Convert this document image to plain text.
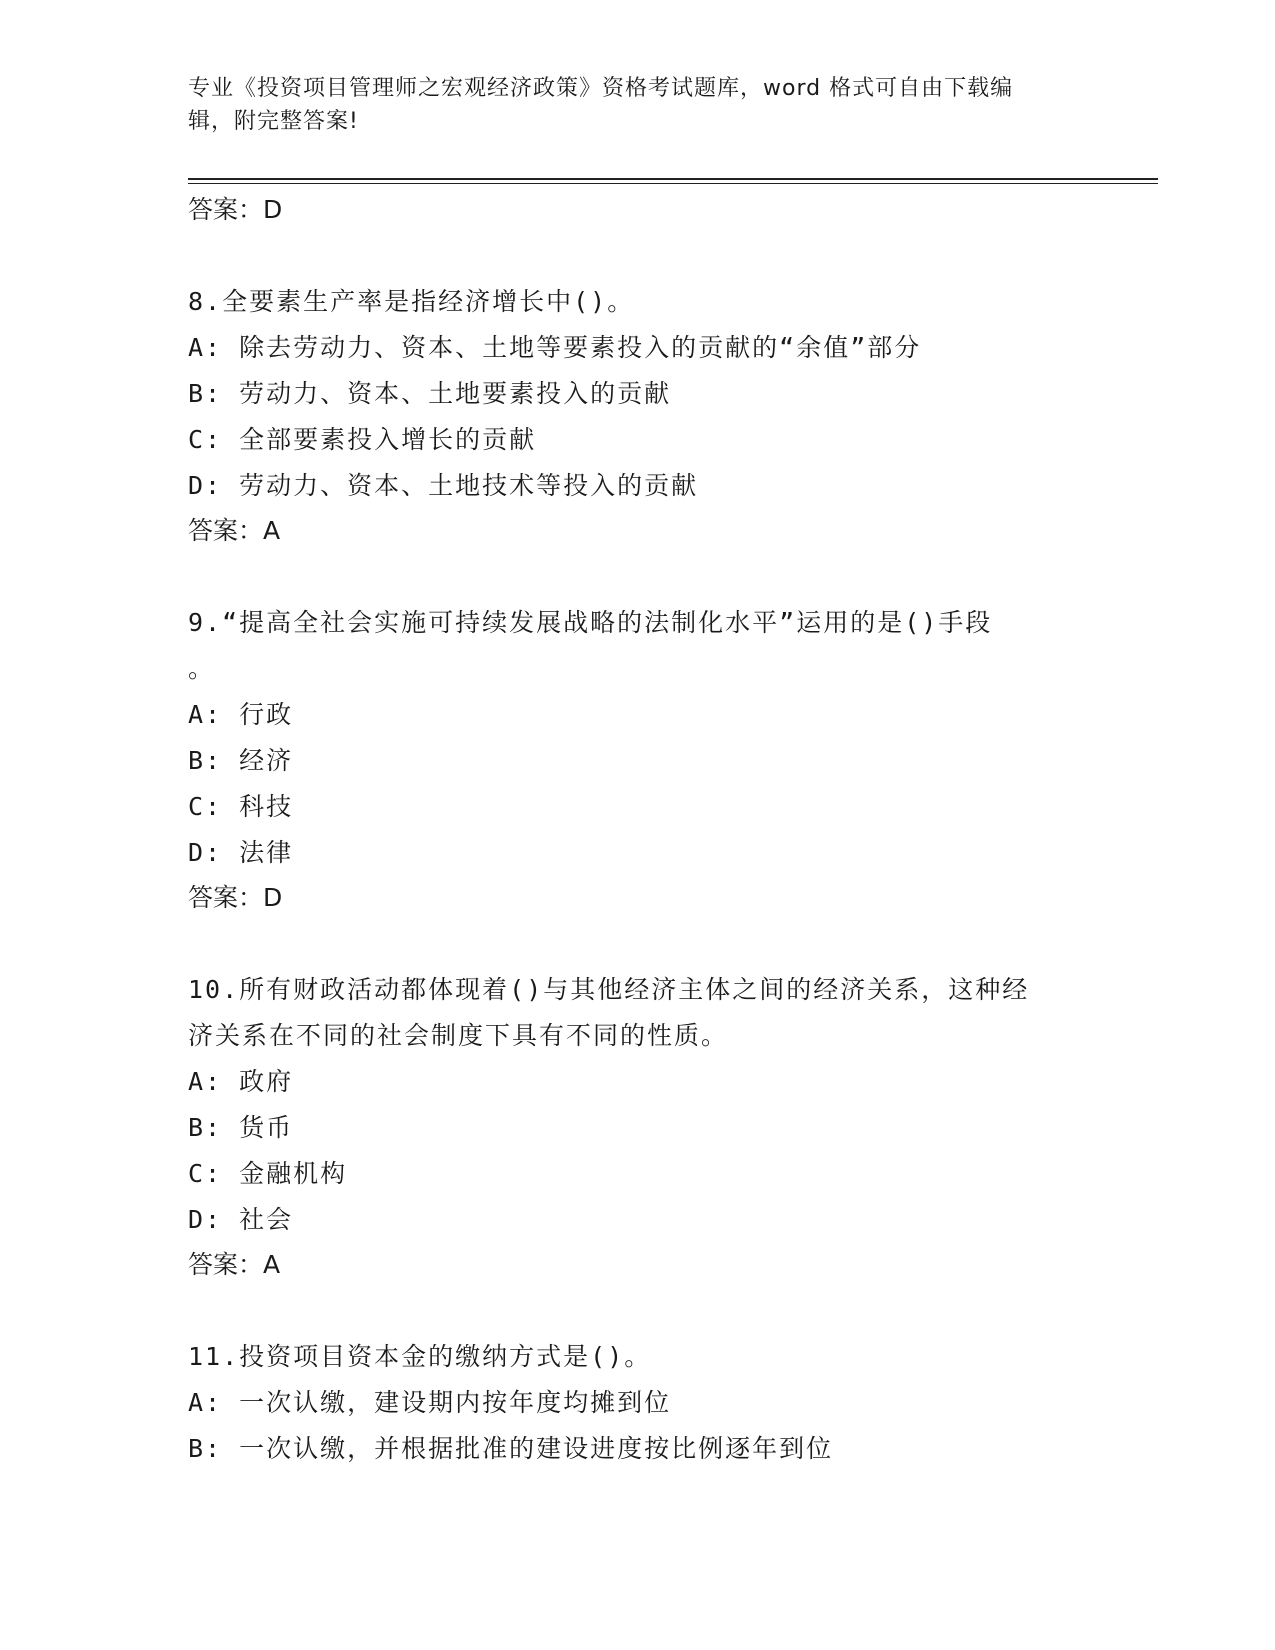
专业《投资项目管理师之宏观经济政策》资格考试题库，word 格式可自由下载编
辑，附完整答案!
答案：D
8.全要素生产率是指经济增长中()。
A: 除去劳动力、资本、土地等要素投入的贡献的“余值”部分
B: 劳动力、资本、土地要素投入的贡献
C: 全部要素投入增长的贡献
D: 劳动力、资本、土地技术等投入的贡献
答案：A
9.“提高全社会实施可持续发展战略的法制化水平”运用的是()手段
。
A: 行政
B: 经济
C: 科技
D: 法律
答案：D
10.所有财政活动都体现着()与其他经济主体之间的经济关系，这种经
济关系在不同的社会制度下具有不同的性质。
A: 政府
B: 货币
C: 金融机构
D: 社会
答案：A
11.投资项目资本金的缴纳方式是()。
A: 一次认缴，建设期内按年度均摊到位
B: 一次认缴，并根据批准的建设进度按比例逐年到位
